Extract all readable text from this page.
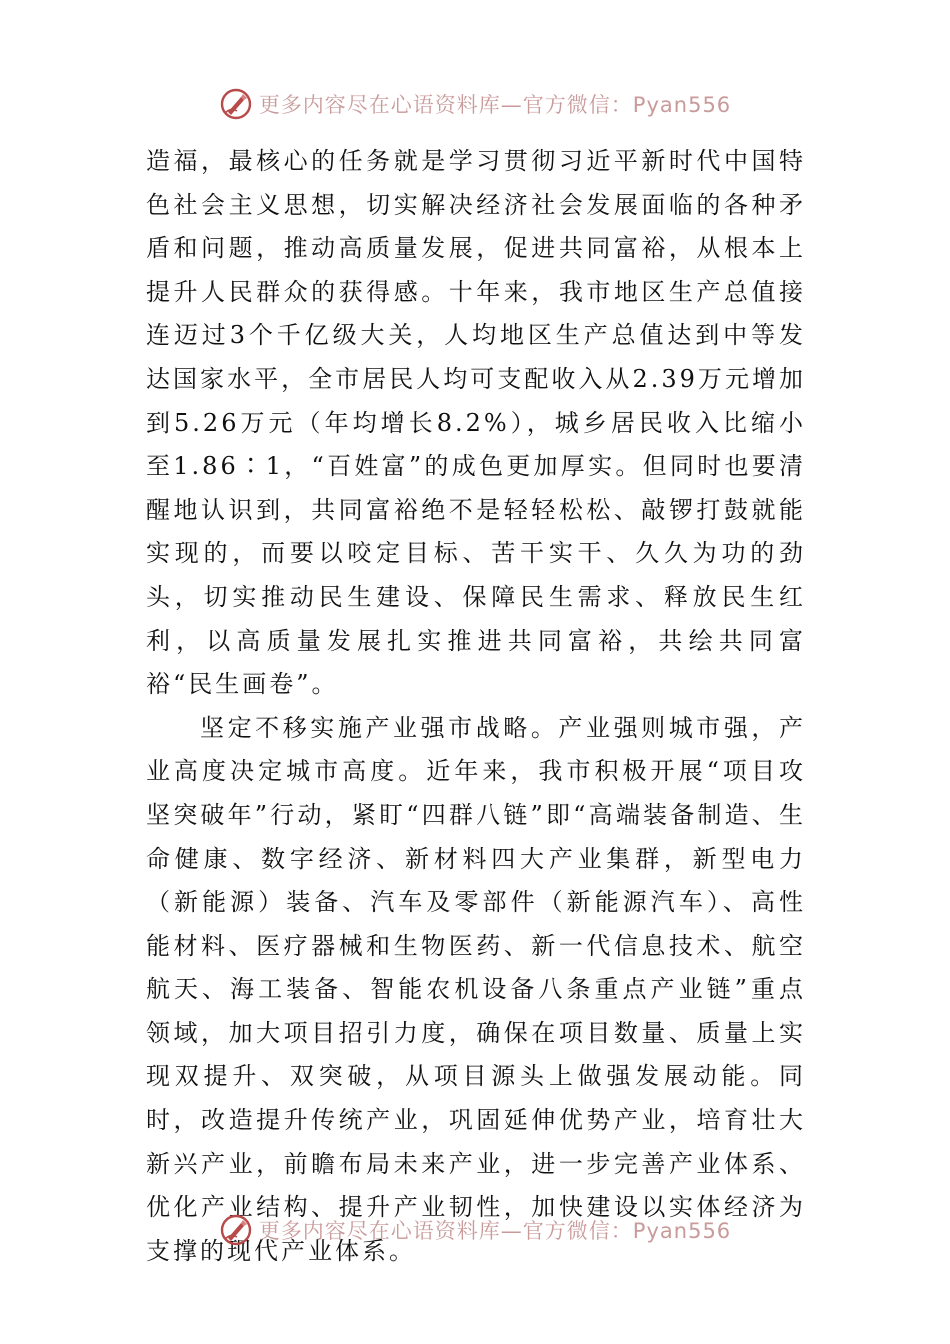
更多内容尽在心语资料库—官方微信：Pyan556

造福，最核心的任务就是学习贯彻习近平新时代中国特色社会主义思想，切实解决经济社会发展面临的各种矛盾和问题，推动高质量发展，促进共同富裕，从根本上提升人民群众的获得感。十年来，我市地区生产总值接连迈过3个千亿级大关，人均地区生产总值达到中等发达国家水平，全市居民人均可支配收入从2.39万元增加到5.26万元（年均增长8.2%），城乡居民收入比缩小至1.86∶1，“百姓富”的成色更加厚实。但同时也要清醒地认识到，共同富裕绝不是轻轻松松、敲锣打鼓就能实现的，而要以咬定目标、苦干实干、久久为功的劲头，切实推动民生建设、保障民生需求、释放民生红利，以高质量发展扎实推进共同富裕，共绘共同富裕“民生画卷”。

坚定不移实施产业强市战略。产业强则城市强，产业高度决定城市高度。近年来，我市积极开展“项目攻坚突破年”行动，紧盯“四群八链”即“高端装备制造、生命健康、数字经济、新材料四大产业集群，新型电力（新能源）装备、汽车及零部件（新能源汽车）、高性能材料、医疗器械和生物医药、新一代信息技术、航空航天、海工装备、智能农机设备八条重点产业链”重点领域，加大项目招引力度，确保在项目数量、质量上实现双提升、双突破，从项目源头上做强发展动能。同时，改造提升传统产业，巩固延伸优势产业，培育壮大新兴产业，前瞻布局未来产业，进一步完善产业体系、优化产业结构、提升产业韧性，加快建设以实体经济为支撑的现代产业体系。

更多内容尽在心语资料库—官方微信：Pyan556
